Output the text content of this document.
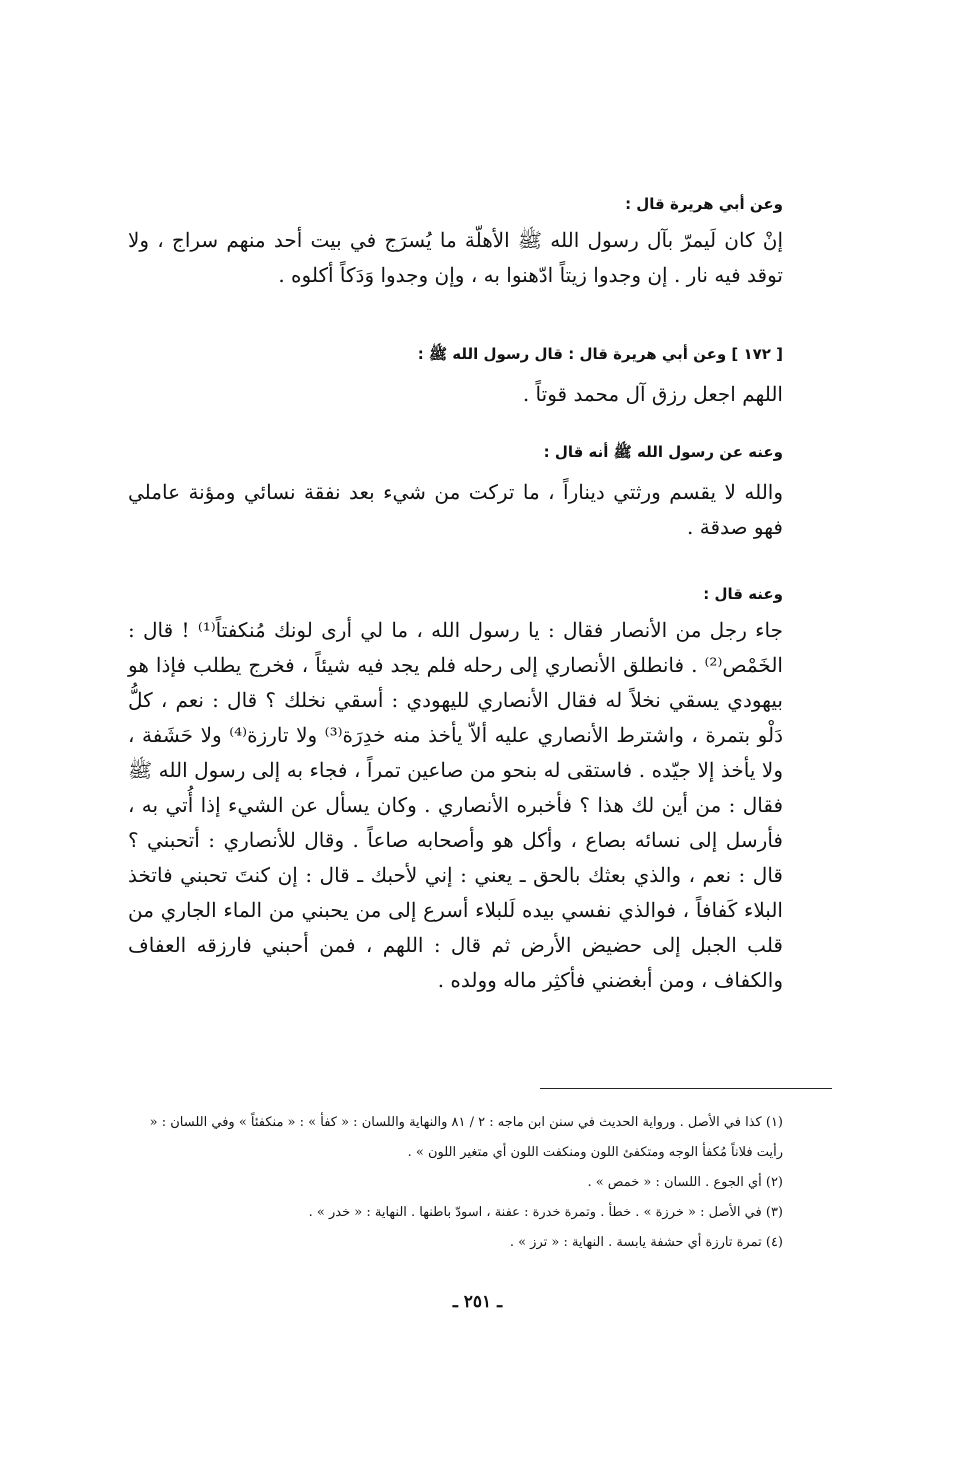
وعن أبي هريرة قال :

إنْ كان لَيمرّ بآل رسول الله ﷺ الأهلّة ما يُسرَج في بيت أحد منهم سراج ، ولا توقد فيه نار . إن وجدوا زيتاً ادّهنوا به ، وإن وجدوا وَدَكاً أكلوه .

[ ١٧٢ ] وعن أبي هريرة قال : قال رسول الله ﷺ :

اللهم اجعل رزق آل محمد قوتاً .

وعنه عن رسول الله ﷺ أنه قال :

والله لا يقسم ورثتي ديناراً ، ما تركت من شيء بعد نفقة نسائي ومؤنة عاملي فهو صدقة .

وعنه قال :

جاء رجل من الأنصار فقال : يا رسول الله ، ما لي أرى لونك مُنكفتاً⁽¹⁾ ! قال : الخَمْص⁽²⁾ . فانطلق الأنصاري إلى رحله فلم يجد فيه شيئاً ، فخرج يطلب فإذا هو بيهودي يسقي نخلاً له فقال الأنصاري لليهودي : أسقي نخلك ؟ قال : نعم ، كلُّ دَلْو بتمرة ، واشترط الأنصاري عليه ألاّ يأخذ منه خدِرَة⁽³⁾ ولا تارزة⁽⁴⁾ ولا حَشَفة ، ولا يأخذ إلا جيّده . فاستقى له بنحو من صاعين تمراً ، فجاء به إلى رسول الله ﷺ فقال : من أين لك هذا ؟ فأخبره الأنصاري . وكان يسأل عن الشيء إذا أُتي به ، فأرسل إلى نسائه بصاع ، وأكل هو وأصحابه صاعاً . وقال للأنصاري : أتحبني ؟ قال : نعم ، والذي بعثك بالحق ـ يعني : إني لأحبك ـ قال : إن كنتَ تحبني فاتخذ البلاء كَفافاً ، فوالذي نفسي بيده لَلبلاء أسرع إلى من يحبني من الماء الجاري من قلب الجبل إلى حضيض الأرض ثم قال : اللهم ، فمن أحبني فارزقه العفاف والكفاف ، ومن أبغضني فأكثِر ماله وولده .

(١) كذا في الأصل . ورواية الحديث في سنن ابن ماجه : ٢ / ٨١ والنهاية واللسان : « كفأ » : « منكفئاً » وفي اللسان : « رأيت فلاناً مُكفأ الوجه ومتكفئ اللون ومنكفت اللون أي متغير اللون » .

(٢) أي الجوع . اللسان : « خمص » .

(٣) في الأصل : « خرزة » . خطأ . وتمرة خدرة : عفنة ، اسودّ باطنها . النهاية : « خدر » .

(٤) تمرة تارزة أي حشفة يابسة . النهاية : « ترز » .

ـ ٢٥١ ـ
